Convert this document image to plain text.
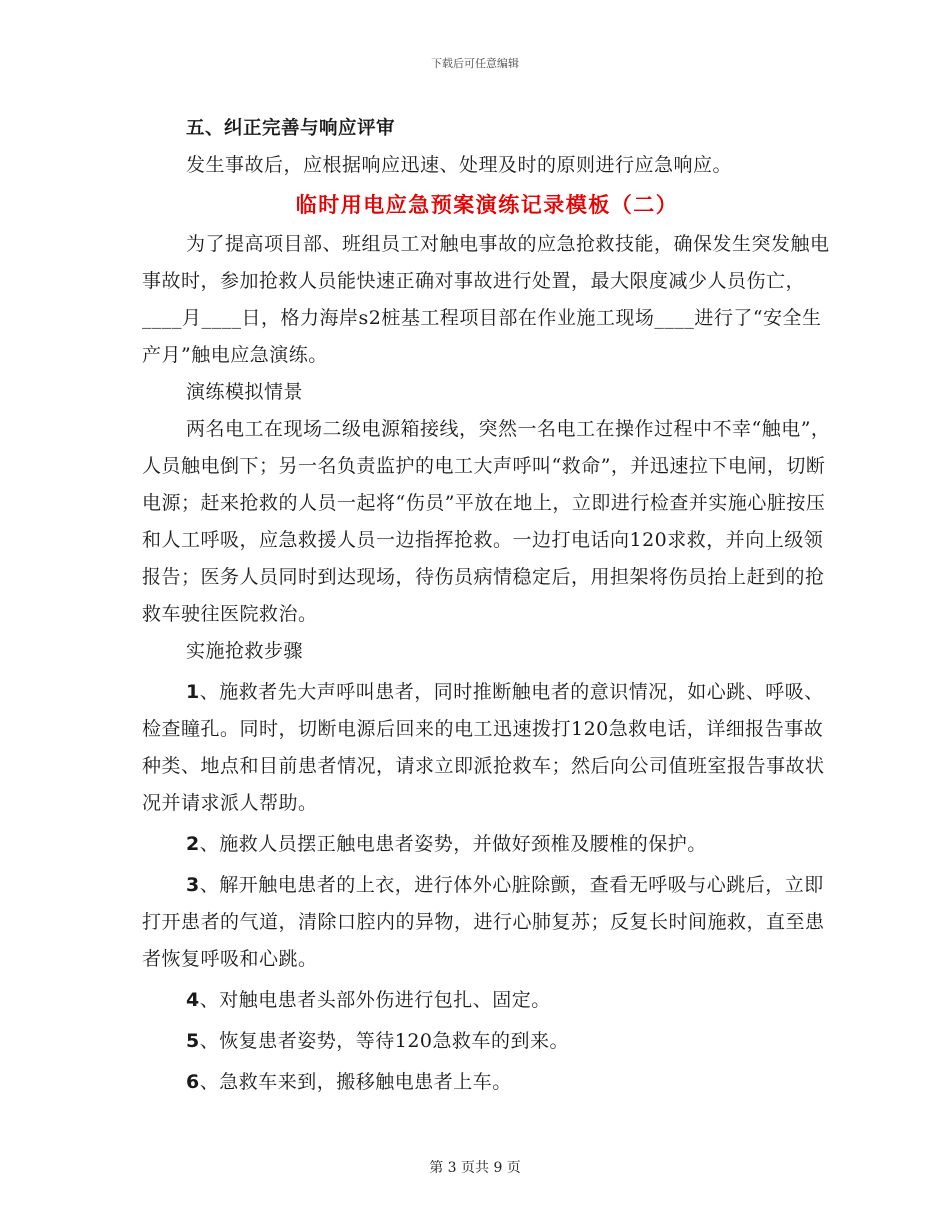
下载后可任意编辑

五、纠正完善与响应评审

发生事故后，应根据响应迅速、处理及时的原则进行应急响应。

临时用电应急预案演练记录模板（二）

为了提高项目部、班组员工对触电事故的应急抢救技能，确保发生突发触电事故时，参加抢救人员能快速正确对事故进行处置，最大限度减少人员伤亡，____月____日，格力海岸s2桩基工程项目部在作业施工现场____进行了“安全生产月”触电应急演练。

演练模拟情景

两名电工在现场二级电源箱接线，突然一名电工在操作过程中不幸“触电”，人员触电倒下；另一名负责监护的电工大声呼叫“救命”，并迅速拉下电闸，切断电源；赶来抢救的人员一起将“伤员”平放在地上，立即进行检查并实施心脏按压和人工呼吸，应急救援人员一边指挥抢救。一边打电话向120求救，并向上级领报告；医务人员同时到达现场，待伤员病情稳定后，用担架将伤员抬上赶到的抢救车驶往医院救治。

实施抢救步骤

1、施救者先大声呼叫患者，同时推断触电者的意识情况，如心跳、呼吸、检查瞳孔。同时，切断电源后回来的电工迅速拨打120急救电话，详细报告事故种类、地点和目前患者情况，请求立即派抢救车；然后向公司值班室报告事故状况并请求派人帮助。

2、施救人员摆正触电患者姿势，并做好颈椎及腰椎的保护。

3、解开触电患者的上衣，进行体外心脏除颤，查看无呼吸与心跳后，立即打开患者的气道，清除口腔内的异物，进行心肺复苏；反复长时间施救，直至患者恢复呼吸和心跳。

4、对触电患者头部外伤进行包扎、固定。

5、恢复患者姿势，等待120急救车的到来。

6、急救车来到，搬移触电患者上车。

第 3 页共 9 页
